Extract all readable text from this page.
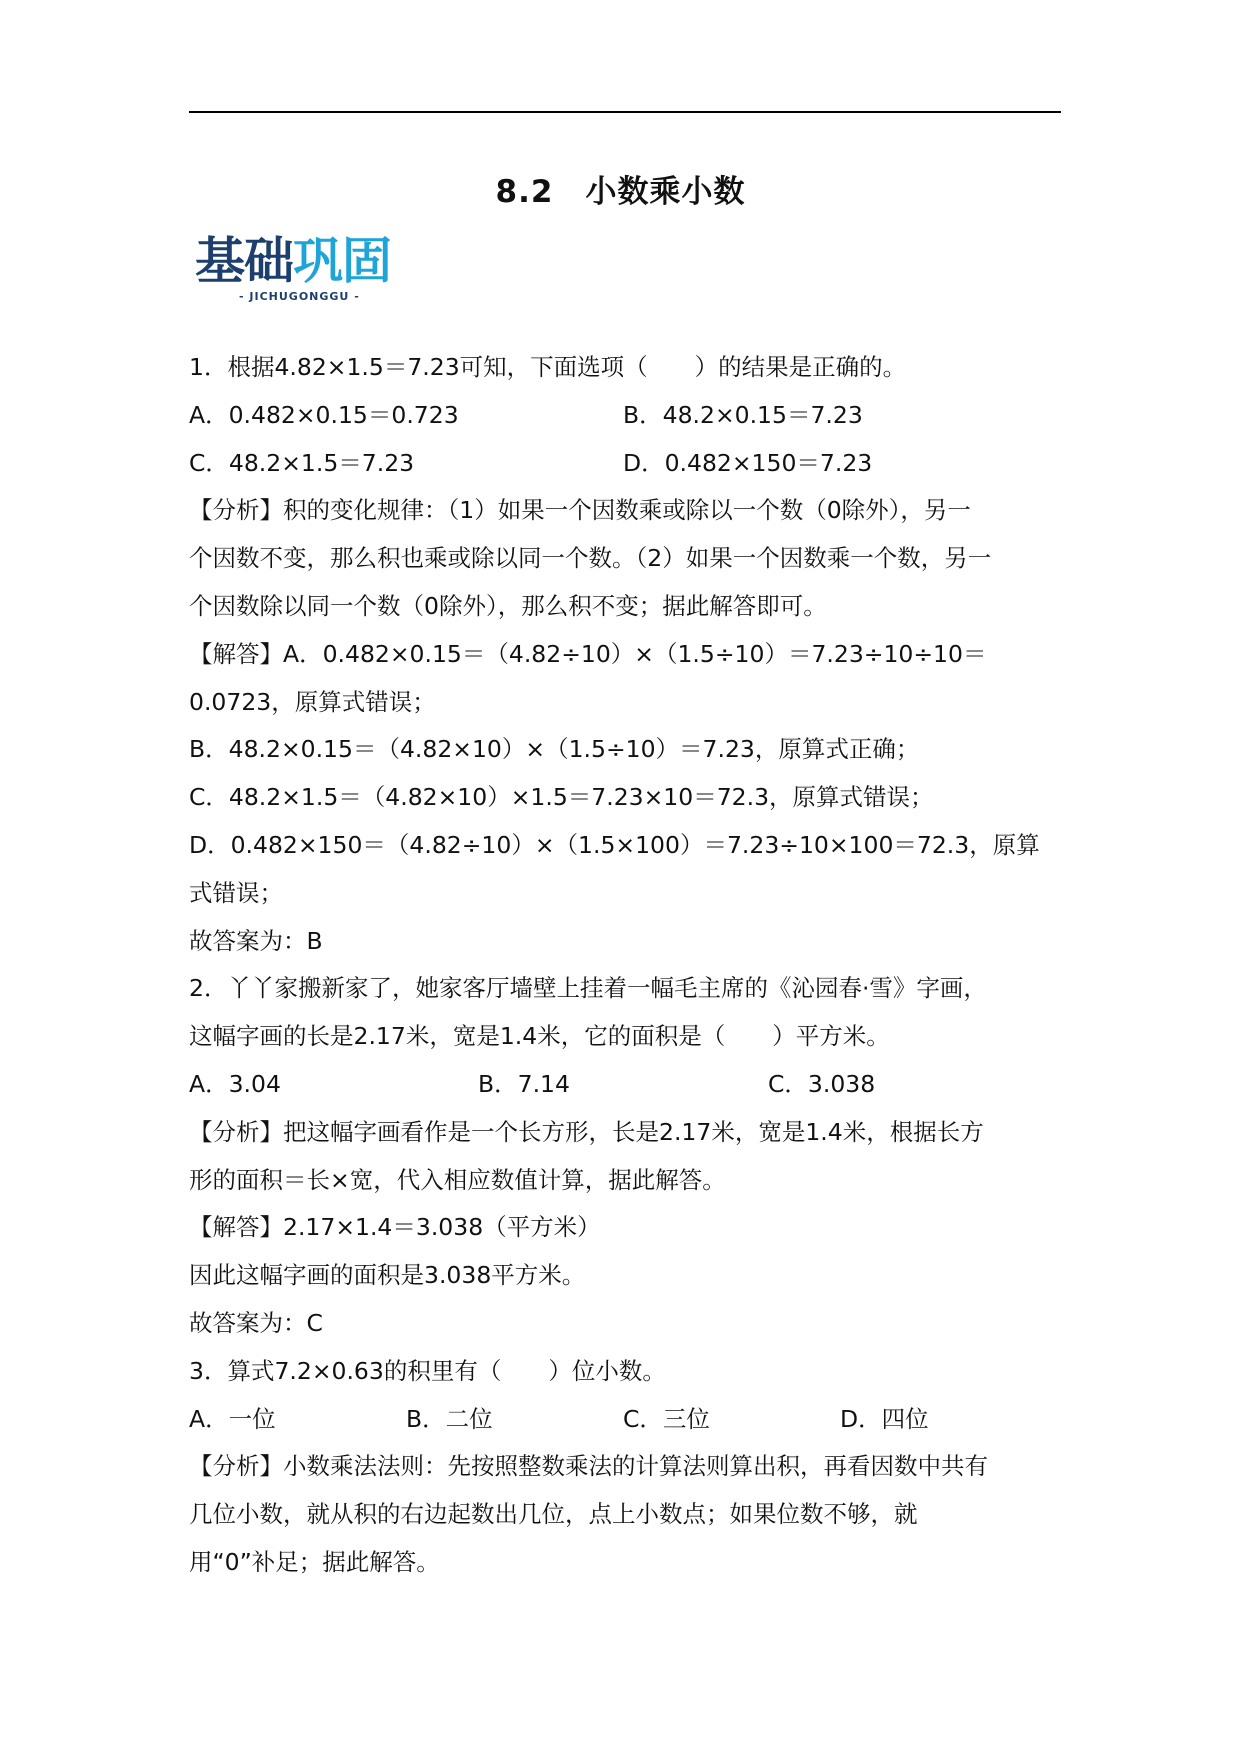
8.2　小数乘小数
基础巩固
- JICHUGONGGU -
1．根据4.82×1.5＝7.23可知，下面选项（　　）的结果是正确的。
A．0.482×0.15＝0.723	B．48.2×0.15＝7.23
C．48.2×1.5＝7.23	D．0.482×150＝7.23
【分析】积的变化规律：（1）如果一个因数乘或除以一个数（0除外），另一
个因数不变，那么积也乘或除以同一个数。（2）如果一个因数乘一个数，另一
个因数除以同一个数（0除外），那么积不变；据此解答即可。
【解答】A．0.482×0.15＝（4.82÷10）×（1.5÷10）＝7.23÷10÷10＝
0.0723，原算式错误；
B．48.2×0.15＝（4.82×10）×（1.5÷10）＝7.23，原算式正确；
C．48.2×1.5＝（4.82×10）×1.5＝7.23×10＝72.3，原算式错误；
D．0.482×150＝（4.82÷10）×（1.5×100）＝7.23÷10×100＝72.3，原算
式错误；
故答案为：B
2．丫丫家搬新家了，她家客厅墙壁上挂着一幅毛主席的《沁园春·雪》字画，
这幅字画的长是2.17米，宽是1.4米，它的面积是（　　）平方米。
A．3.04	B．7.14	C．3.038
【分析】把这幅字画看作是一个长方形，长是2.17米，宽是1.4米，根据长方
形的面积＝长×宽，代入相应数值计算，据此解答。
【解答】2.17×1.4＝3.038（平方米）
因此这幅字画的面积是3.038平方米。
故答案为：C
3．算式7.2×0.63的积里有（　　）位小数。
A．一位	B．二位	C．三位	D．四位
【分析】小数乘法法则：先按照整数乘法的计算法则算出积，再看因数中共有
几位小数，就从积的右边起数出几位，点上小数点；如果位数不够，就
用“0”补足；据此解答。
